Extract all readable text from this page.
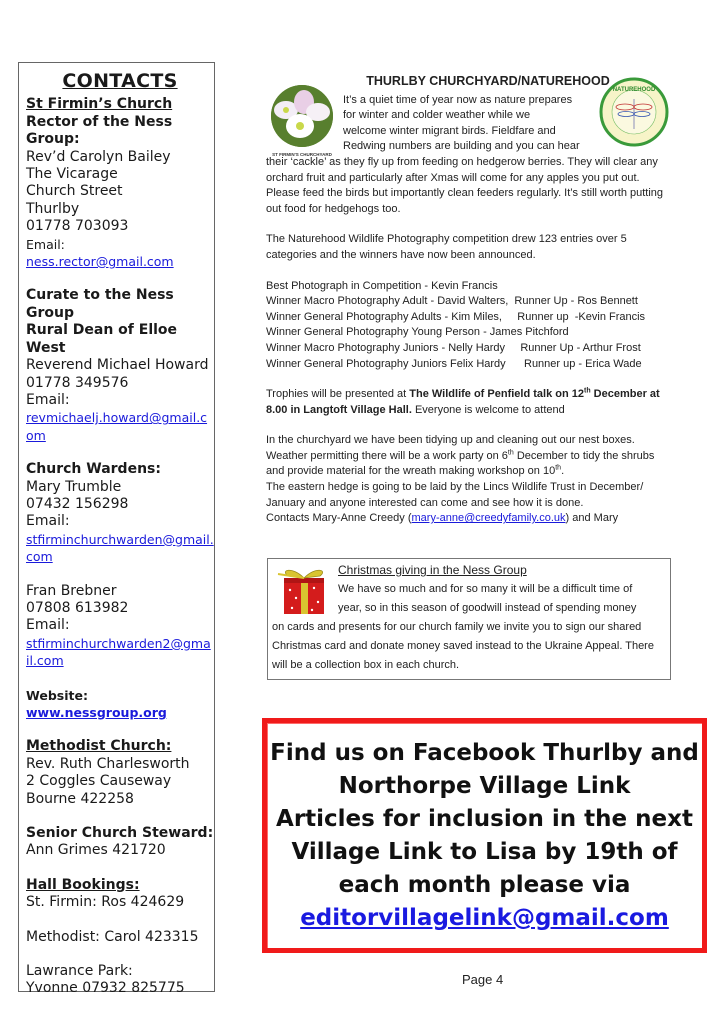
CONTACTS
St Firmin’s Church
Rector of the Ness Group:
Rev’d Carolyn Bailey
The Vicarage
Church Street
Thurlby
01778 703093
Email:
ness.rector@gmail.com
Curate to the Ness Group
Rural Dean of Elloe West
Reverend Michael Howard
01778 349576
Email:
revmichaelj.howard@gmail.com
Church Wardens:
Mary Trumble
07432 156298
Email:
stfirminchurchwarden@gmail.com
Fran Brebner
07808 613982
Email:
stfirminchurchwarden2@gmail.com
Website:
www.nessgroup.org
Methodist Church:
Rev. Ruth Charlesworth
2 Coggles Causeway
Bourne 422258
Senior Church Steward:
Ann Grimes 421720
Hall Bookings:
St. Firmin: Ros 424629
Methodist: Carol 423315
Lawrance Park:
Yvonne 07932 825775
ST FIRMIN'S CHURCHYARD
NATUREHOOD
THURLBY CHURCHYARD/NATUREHOOD
It’s a quiet time of year now as nature prepares
for winter and colder weather while we
welcome winter migrant birds. Fieldfare and
Redwing numbers are building and you can hear
their ‘cackle’ as they fly up from feeding on hedgerow berries. They will clear any orchard fruit and particularly after Xmas will come for any apples you put out. Please feed the birds but importantly clean feeders regularly. It’s still worth putting out food for hedgehogs too.
The Naturehood Wildlife Photography competition drew 123 entries over 5 categories and the winners have now been announced.
Best Photograph in Competition - Kevin Francis
Winner Macro Photography Adult - David Walters,  Runner Up - Ros Bennett
Winner General Photography Adults - Kim Miles,     Runner up  -Kevin Francis
Winner General Photography Young Person - James Pitchford
Winner Macro Photography Juniors - Nelly Hardy     Runner Up - Arthur Frost
Winner General Photography Juniors Felix Hardy      Runner up - Erica Wade
Trophies will be presented at The Wildlife of Penfield talk on 12th December at 8.00 in Langtoft Village Hall. Everyone is welcome to attend
In the churchyard we have been tidying up and cleaning out our nest boxes. Weather permitting there will be a work party on 6th December to tidy the shrubs and provide material for the wreath making workshop on 10th.
The eastern hedge is going to be laid by the Lincs Wildlife Trust in December/ January and anyone interested can come and see how it is done.
Contacts Mary-Anne Creedy (mary-anne@creedyfamily.co.uk) and Mary
Christmas giving in the Ness Group
We have so much and for so many it will be a difficult time of
year, so in this season of goodwill instead of spending money
on cards and presents for our church family we invite you to sign our shared Christmas card and donate money saved instead to the Ukraine Appeal. There will be a collection box in each church.
Find us on Facebook Thurlby and Northorpe Village Link
Articles for inclusion in the next Village Link to Lisa by 19th of each month please via
editorvillagelink@gmail.com
Page 4
